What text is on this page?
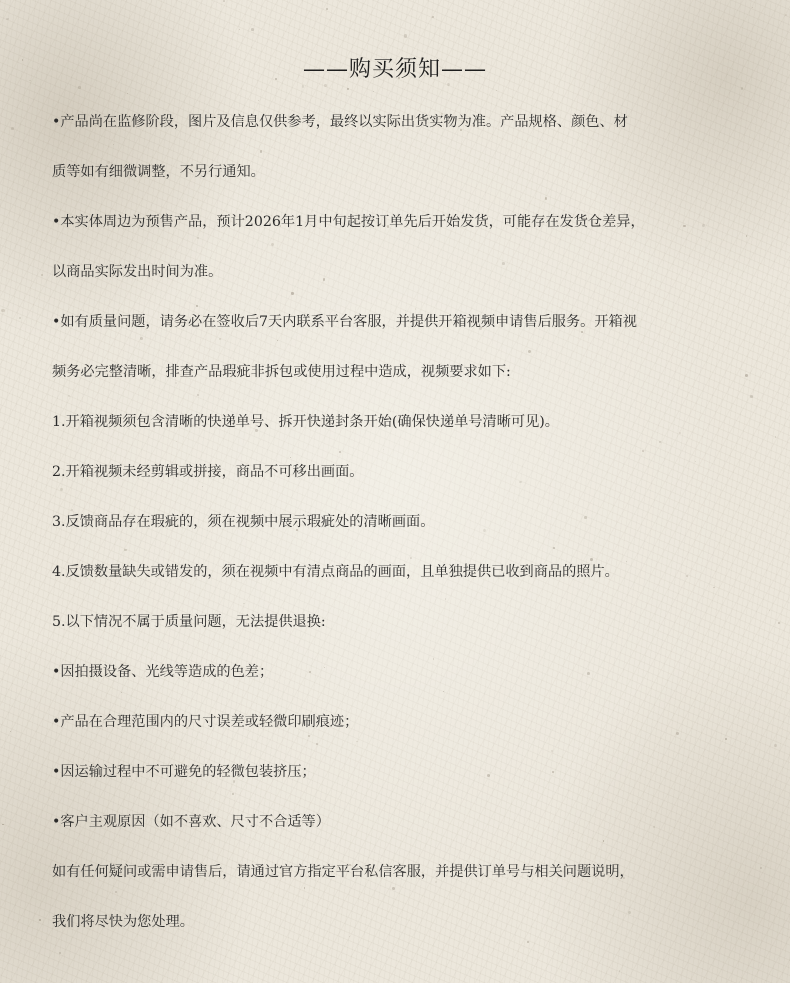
——购买须知——
•产品尚在监修阶段，图片及信息仅供参考，最终以实际出货实物为准。产品规格、颜色、材
质等如有细微调整，不另行通知。
•本实体周边为预售产品，预计2026年1月中旬起按订单先后开始发货，可能存在发货仓差异，
以商品实际发出时间为准。
•如有质量问题，请务必在签收后7天内联系平台客服，并提供开箱视频申请售后服务。开箱视
频务必完整清晰，排查产品瑕疵非拆包或使用过程中造成，视频要求如下:
1.开箱视频须包含清晰的快递单号、拆开快递封条开始(确保快递单号清晰可见)。
2.开箱视频未经剪辑或拼接，商品不可移出画面。
3.反馈商品存在瑕疵的，须在视频中展示瑕疵处的清晰画面。
4.反馈数量缺失或错发的，须在视频中有清点商品的画面，且单独提供已收到商品的照片。
5.以下情况不属于质量问题，无法提供退换:
•因拍摄设备、光线等造成的色差；
•产品在合理范围内的尺寸误差或轻微印刷痕迹；
•因运输过程中不可避免的轻微包装挤压；
•客户主观原因（如不喜欢、尺寸不合适等）
如有任何疑问或需申请售后，请通过官方指定平台私信客服，并提供订单号与相关问题说明，
我们将尽快为您处理。
